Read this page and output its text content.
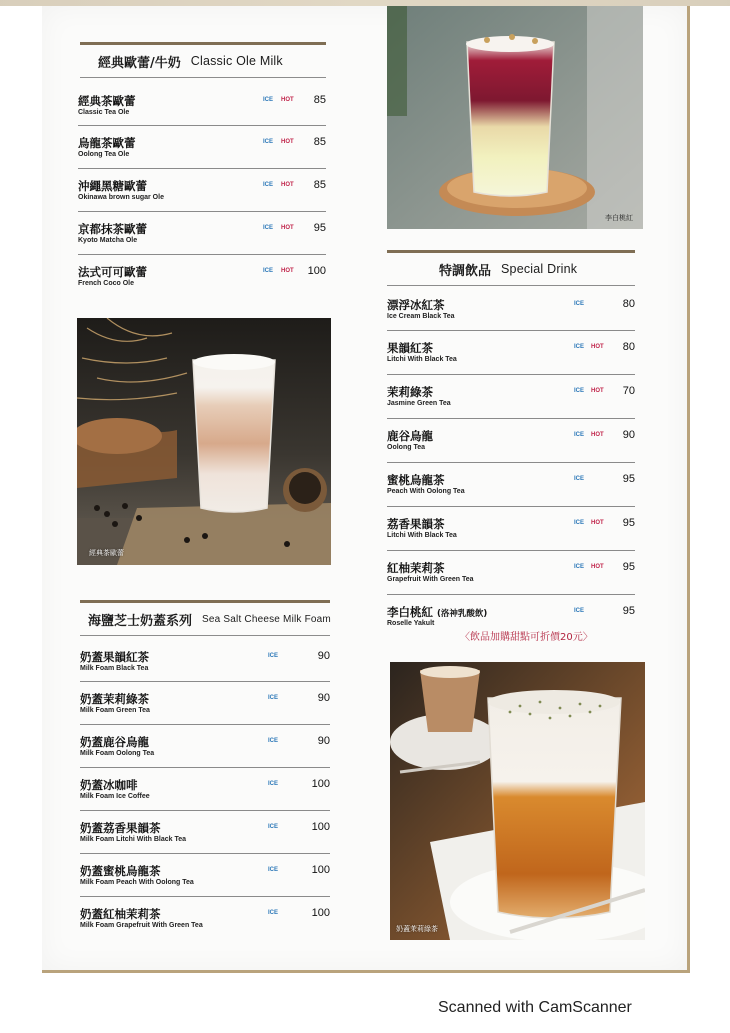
經典歐蕾/牛奶 Classic Ole Milk
經典茶歐蕾
Classic Tea Ole
ICE HOT 85
烏龍茶歐蕾
Oolong Tea Ole
ICE HOT 85
沖繩黑糖歐蕾
Okinawa brown sugar Ole
ICE HOT 85
京都抹茶歐蕾
Kyoto Matcha Ole
ICE HOT 95
法式可可歐蕾
French Coco Ole
ICE HOT 100
經典茶歐蕾
海鹽芝士奶蓋系列 Sea Salt Cheese Milk Foam
奶蓋果韻紅茶
Milk Foam Black Tea
ICE	90
奶蓋茉莉綠茶
Milk Foam Green Tea
ICE	90
奶蓋鹿谷烏龍
Milk Foam Oolong Tea
ICE	90
奶蓋冰咖啡
Milk Foam Ice Coffee
ICE	100
奶蓋荔香果韻茶
Milk Foam Litchi With Black Tea
ICE	100
奶蓋蜜桃烏龍茶
Milk Foam Peach With Oolong Tea
ICE	100
奶蓋紅柚茉莉茶
Milk Foam Grapefruit With Green Tea
ICE	100
李白桃紅
特調飲品 Special Drink
漂浮冰紅茶
Ice Cream Black Tea
ICE	80
果韻紅茶
Litchi With Black Tea
ICE HOT 80
茉莉綠茶
Jasmine Green Tea
ICE HOT 70
鹿谷烏龍
Oolong Tea
ICE HOT 90
蜜桃烏龍茶
Peach With Oolong Tea
ICE	95
荔香果韻茶
Litchi With Black Tea
ICE HOT 95
紅柚茉莉茶
Grapefruit With Green Tea
ICE HOT 95
李白桃紅 (洛神乳酸飲)
Roselle Yakult
ICE	95
〈飲品加購甜點可折價20元〉
奶蓋茉莉綠茶
Scanned with CamScanner
